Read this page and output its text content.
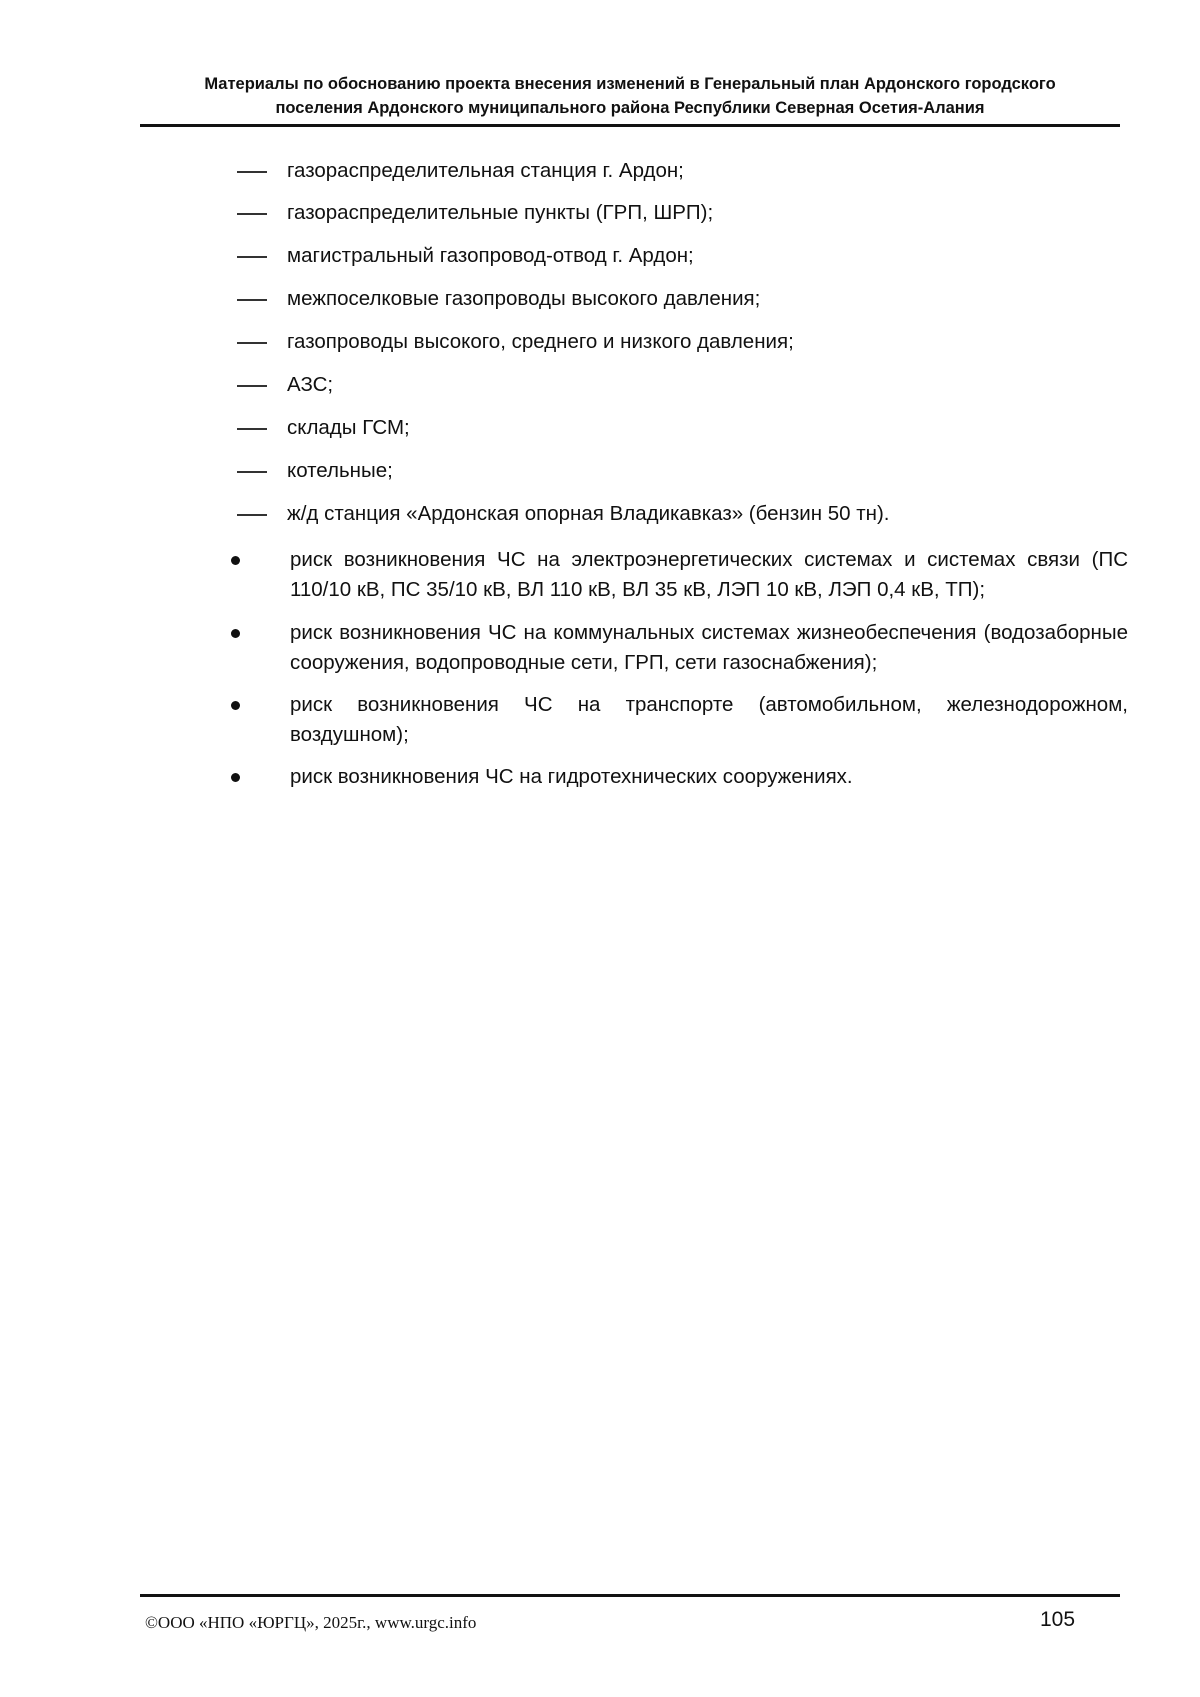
Материалы по обоснованию проекта внесения изменений в Генеральный план Ардонского городского
поселения Ардонского муниципального района Республики Северная Осетия-Алания
газораспределительная станция г. Ардон;
газораспределительные пункты (ГРП, ШРП);
магистральный газопровод-отвод г. Ардон;
межпоселковые газопроводы высокого давления;
газопроводы высокого, среднего и низкого давления;
АЗС;
склады ГСМ;
котельные;
ж/д станция «Ардонская опорная Владикавказ» (бензин 50 тн).
риск возникновения ЧС на электроэнергетических системах и системах связи (ПС 110/10 кВ, ПС 35/10 кВ, ВЛ 110 кВ, ВЛ 35 кВ, ЛЭП 10 кВ, ЛЭП 0,4 кВ, ТП);
риск возникновения ЧС на коммунальных системах жизнеобеспечения (водозаборные сооружения, водопроводные сети, ГРП, сети газоснабжения);
риск возникновения ЧС на транспорте (автомобильном, железнодорожном, воздушном);
риск возникновения ЧС на гидротехнических сооружениях.
©ООО «НПО «ЮРГЦ», 2025г., www.urgc.info	105
